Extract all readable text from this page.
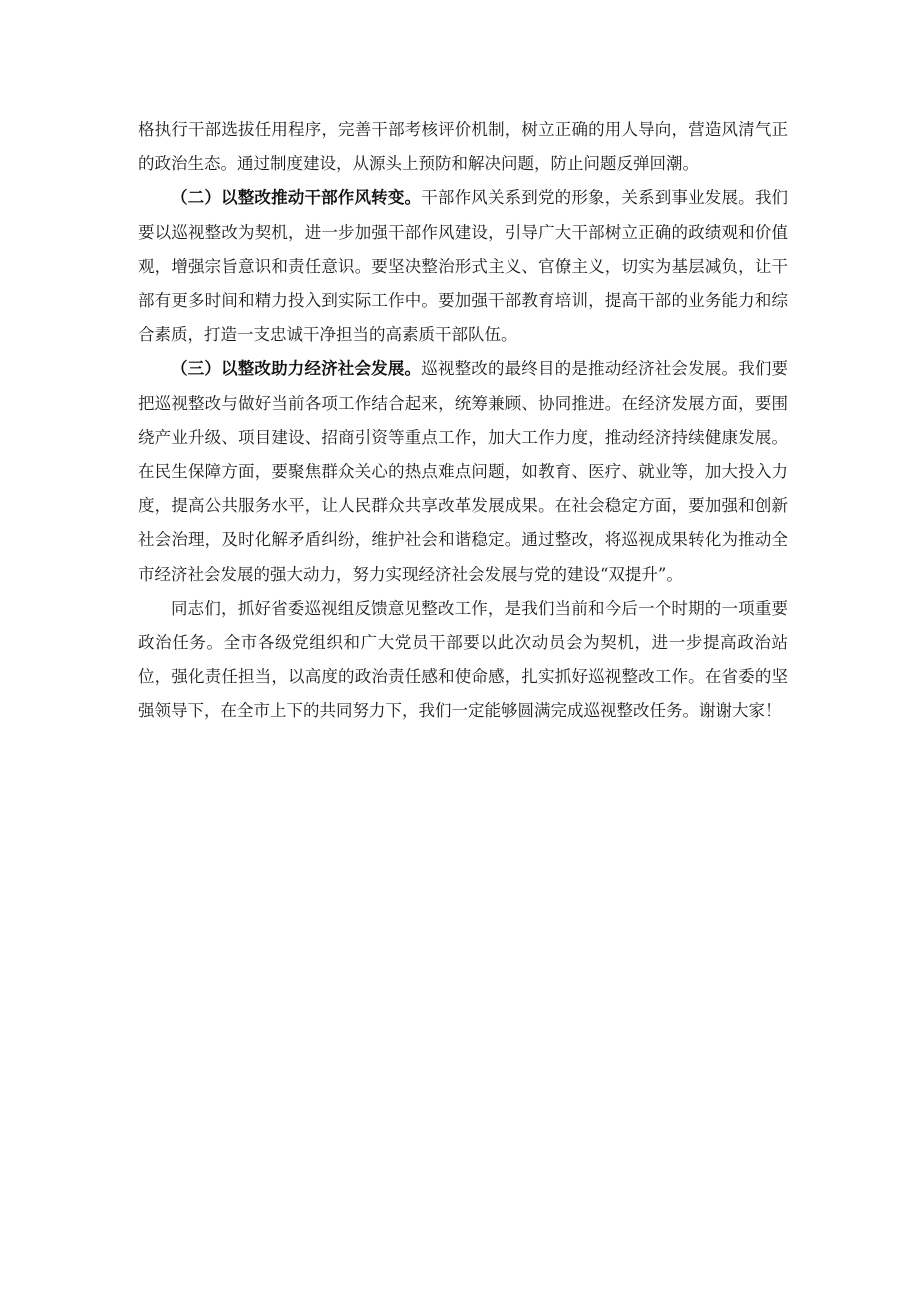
格执行干部选拔任用程序，完善干部考核评价机制，树立正确的用人导向，营造风清气正的政治生态。通过制度建设，从源头上预防和解决问题，防止问题反弹回潮。

（二）以整改推动干部作风转变。干部作风关系到党的形象，关系到事业发展。我们要以巡视整改为契机，进一步加强干部作风建设，引导广大干部树立正确的政绩观和价值观，增强宗旨意识和责任意识。要坚决整治形式主义、官僚主义，切实为基层减负，让干部有更多时间和精力投入到实际工作中。要加强干部教育培训，提高干部的业务能力和综合素质，打造一支忠诚干净担当的高素质干部队伍。

（三）以整改助力经济社会发展。巡视整改的最终目的是推动经济社会发展。我们要把巡视整改与做好当前各项工作结合起来，统筹兼顾、协同推进。在经济发展方面，要围绕产业升级、项目建设、招商引资等重点工作，加大工作力度，推动经济持续健康发展。在民生保障方面，要聚焦群众关心的热点难点问题，如教育、医疗、就业等，加大投入力度，提高公共服务水平，让人民群众共享改革发展成果。在社会稳定方面，要加强和创新社会治理，及时化解矛盾纠纷，维护社会和谐稳定。通过整改，将巡视成果转化为推动全市经济社会发展的强大动力，努力实现经济社会发展与党的建设“双提升”。

同志们，抓好省委巡视组反馈意见整改工作，是我们当前和今后一个时期的一项重要政治任务。全市各级党组织和广大党员干部要以此次动员会为契机，进一步提高政治站位，强化责任担当，以高度的政治责任感和使命感，扎实抓好巡视整改工作。在省委的坚强领导下，在全市上下的共同努力下，我们一定能够圆满完成巡视整改任务。谢谢大家！
